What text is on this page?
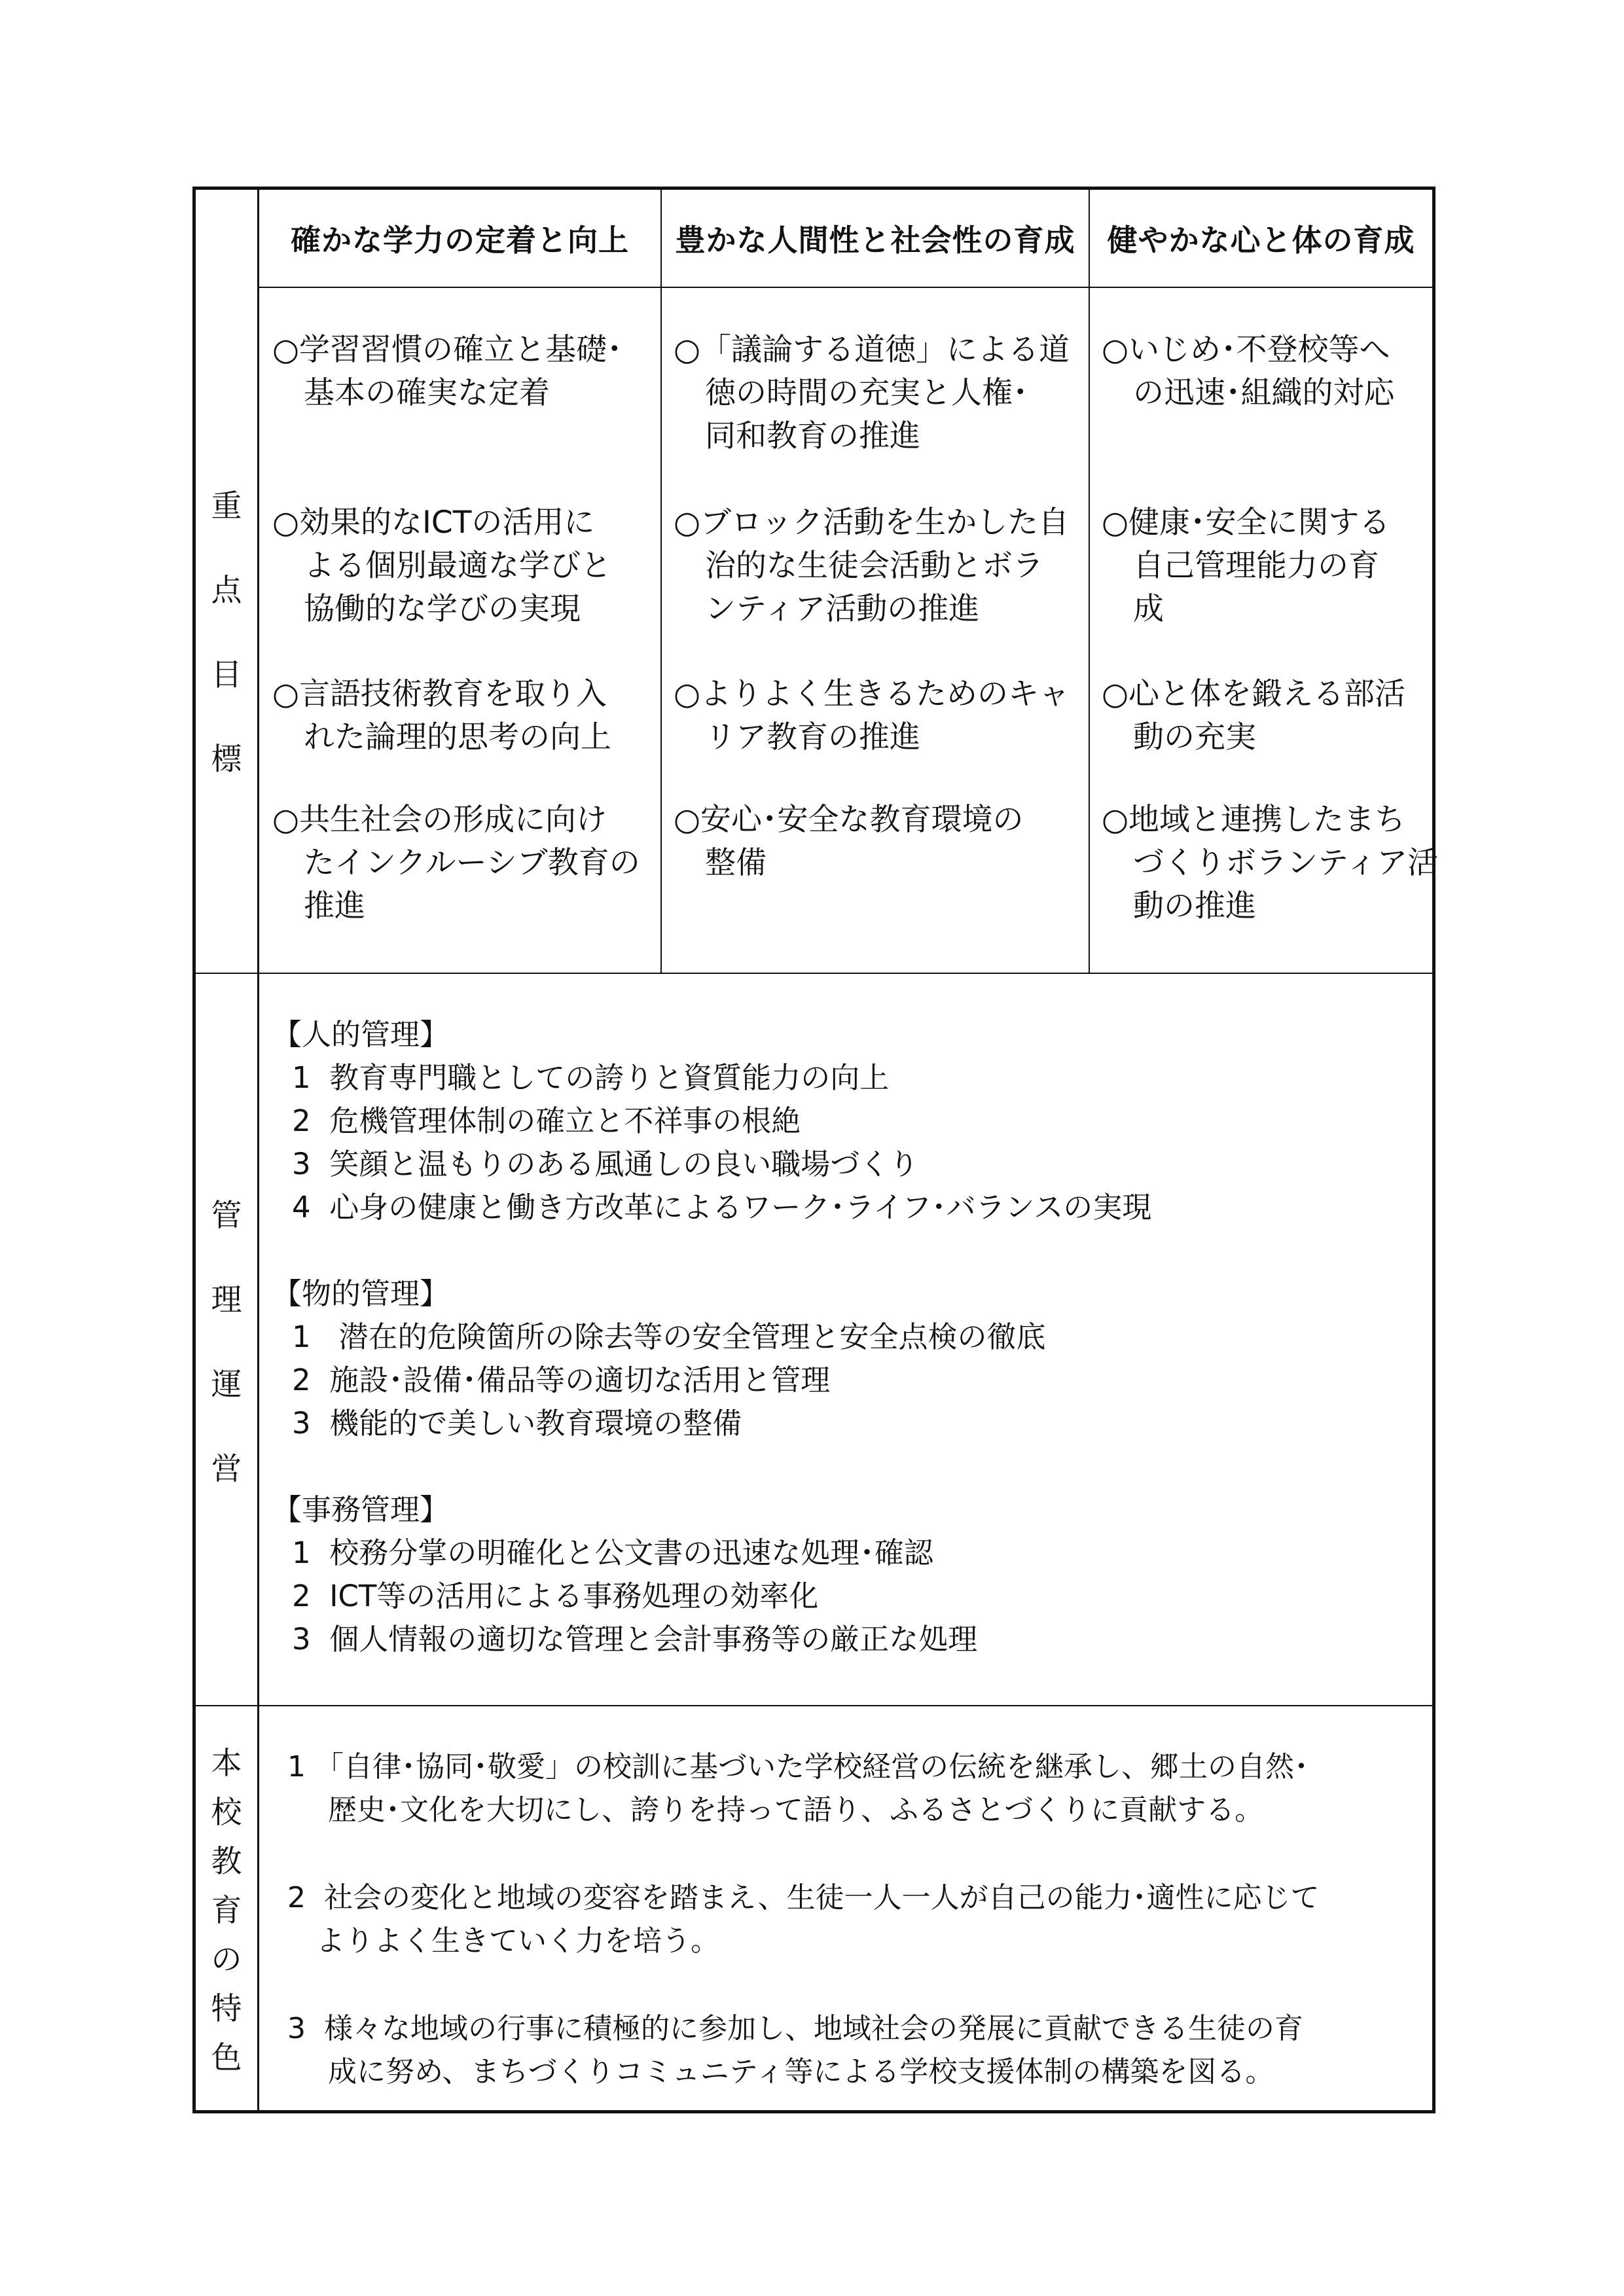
確かな学力の定着と向上	豊かな人間性と社会性の育成	健やかな心と体の育成
重
点
目
標
○学習習慣の確立と基礎･
基本の確実な定着
○効果的なICTの活用に
よる個別最適な学びと
協働的な学びの実現
○言語技術教育を取り入
れた論理的思考の向上
○共生社会の形成に向け
たインクルーシブ教育の
推進
○「議論する道徳」による道
徳の時間の充実と人権･
同和教育の推進
○ブロック活動を生かした自
治的な生徒会活動とボラ
ンティア活動の推進
○よりよく生きるためのキャ
リア教育の推進
○安心･安全な教育環境の
整備
○いじめ･不登校等へ
の迅速･組織的対応
○健康･安全に関する
自己管理能力の育
成
○心と体を鍛える部活
動の充実
○地域と連携したまち
づくりボランティア活
動の推進
管
理
運
営
【人的管理】
1  教育専門職としての誇りと資質能力の向上
2  危機管理体制の確立と不祥事の根絶
3  笑顔と温もりのある風通しの良い職場づくり
4  心身の健康と働き方改革によるワーク･ライフ･バランスの実現
【物的管理】
1   潜在的危険箇所の除去等の安全管理と安全点検の徹底
2  施設･設備･備品等の適切な活用と管理
3  機能的で美しい教育環境の整備
【事務管理】
1  校務分掌の明確化と公文書の迅速な処理･確認
2  ICT等の活用による事務処理の効率化
3  個人情報の適切な管理と会計事務等の厳正な処理
本
校
教
育
の
特
色
1 「自律･協同･敬愛」の校訓に基づいた学校経営の伝統を継承し、郷土の自然･
歴史･文化を大切にし、誇りを持って語り、ふるさとづくりに貢献する。
2  社会の変化と地域の変容を踏まえ、生徒一人一人が自己の能力･適性に応じて
よりよく生きていく力を培う。
3  様々な地域の行事に積極的に参加し、地域社会の発展に貢献できる生徒の育
成に努め、まちづくりコミュニティ等による学校支援体制の構築を図る。
